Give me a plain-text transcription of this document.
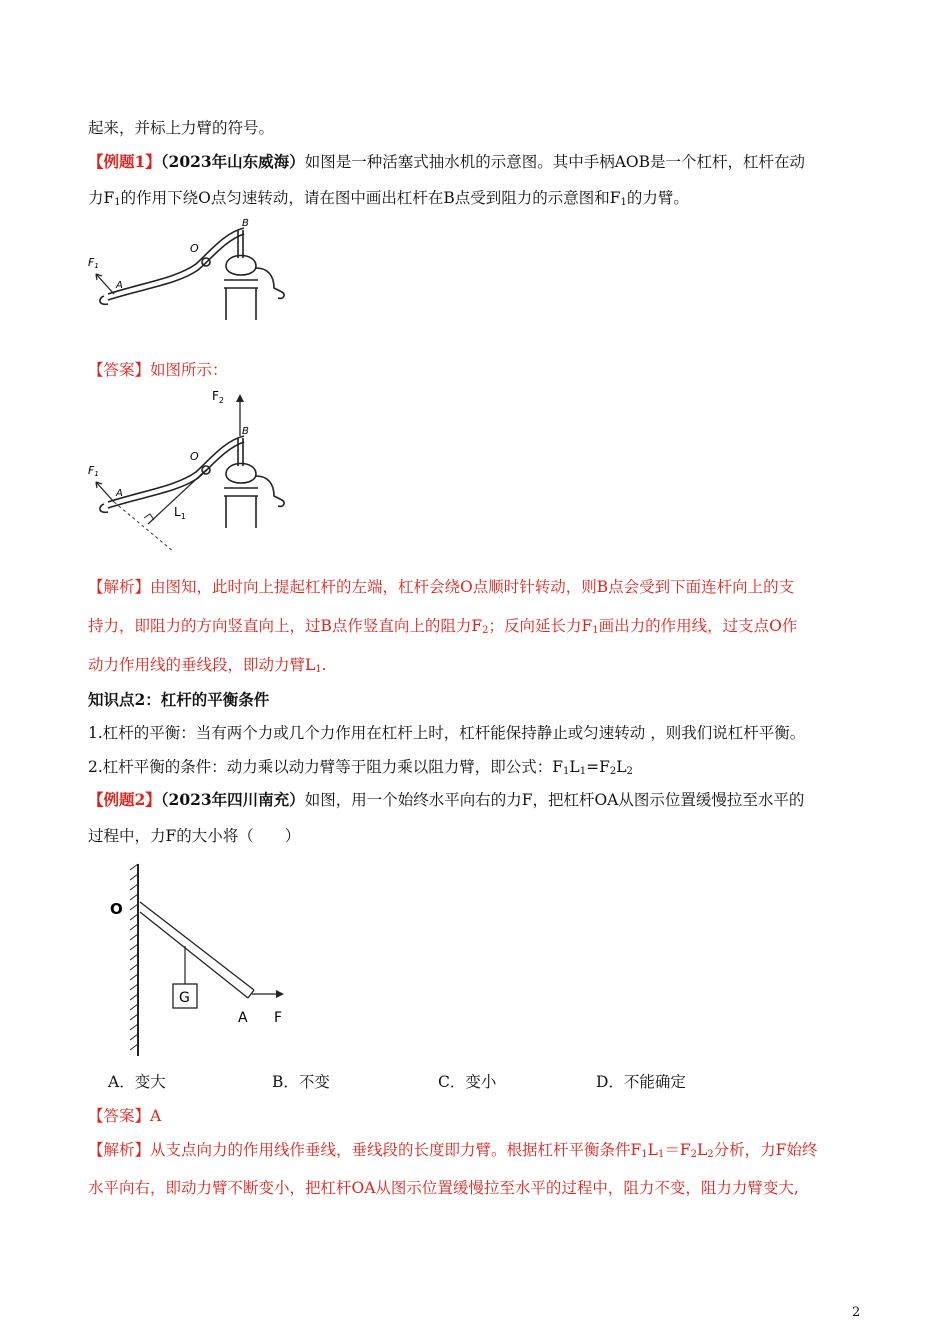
起来，并标上力臂的符号。
【例题1】（2023年山东威海）如图是一种活塞式抽水机的示意图。其中手柄AOB是一个杠杆，杠杆在动
力$F_1$的作用下绕O点匀速转动，请在图中画出杠杆在B点受到阻力的示意图和$F_1$的力臂。
F1
A
O
B
【答案】如图所示：
$F_2$
F1
A
O
B
$L_1$
【解析】由图知，此时向上提起杠杆的左端，杠杆会绕O点顺时针转动，则B点会受到下面连杆向上的支
持力，即阻力的方向竖直向上，过B点作竖直向上的阻力$F_2$；反向延长力$F_1$画出力的作用线，过支点O作
动力作用线的垂线段，即动力臂$L_1$.
知识点2：杠杆的平衡条件
1.杠杆的平衡：当有两个力或几个力作用在杠杆上时，杠杆能保持静止或匀速转动 ，则我们说杠杆平衡。
2.杠杆平衡的条件：动力乘以动力臂等于阻力乘以阻力臂，即公式：$F_1L_1=F_2L_2$
【例题2】（2023年四川南充）如图，用一个始终水平向右的力F，把杠杆OA从图示位置缓慢拉至水平的
过程中，力F的大小将（　　）
G
O
A F
A．变大	B．不变	C．变小	D．不能确定
【答案】A
【解析】从支点向力的作用线作垂线，垂线段的长度即力臂。根据杠杆平衡条件$F_1L_1=F_2L_2$分析，力F始终
水平向右，即动力臂不断变小，把杠杆OA从图示位置缓慢拉至水平的过程中，阻力不变，阻力力臂变大,
2
